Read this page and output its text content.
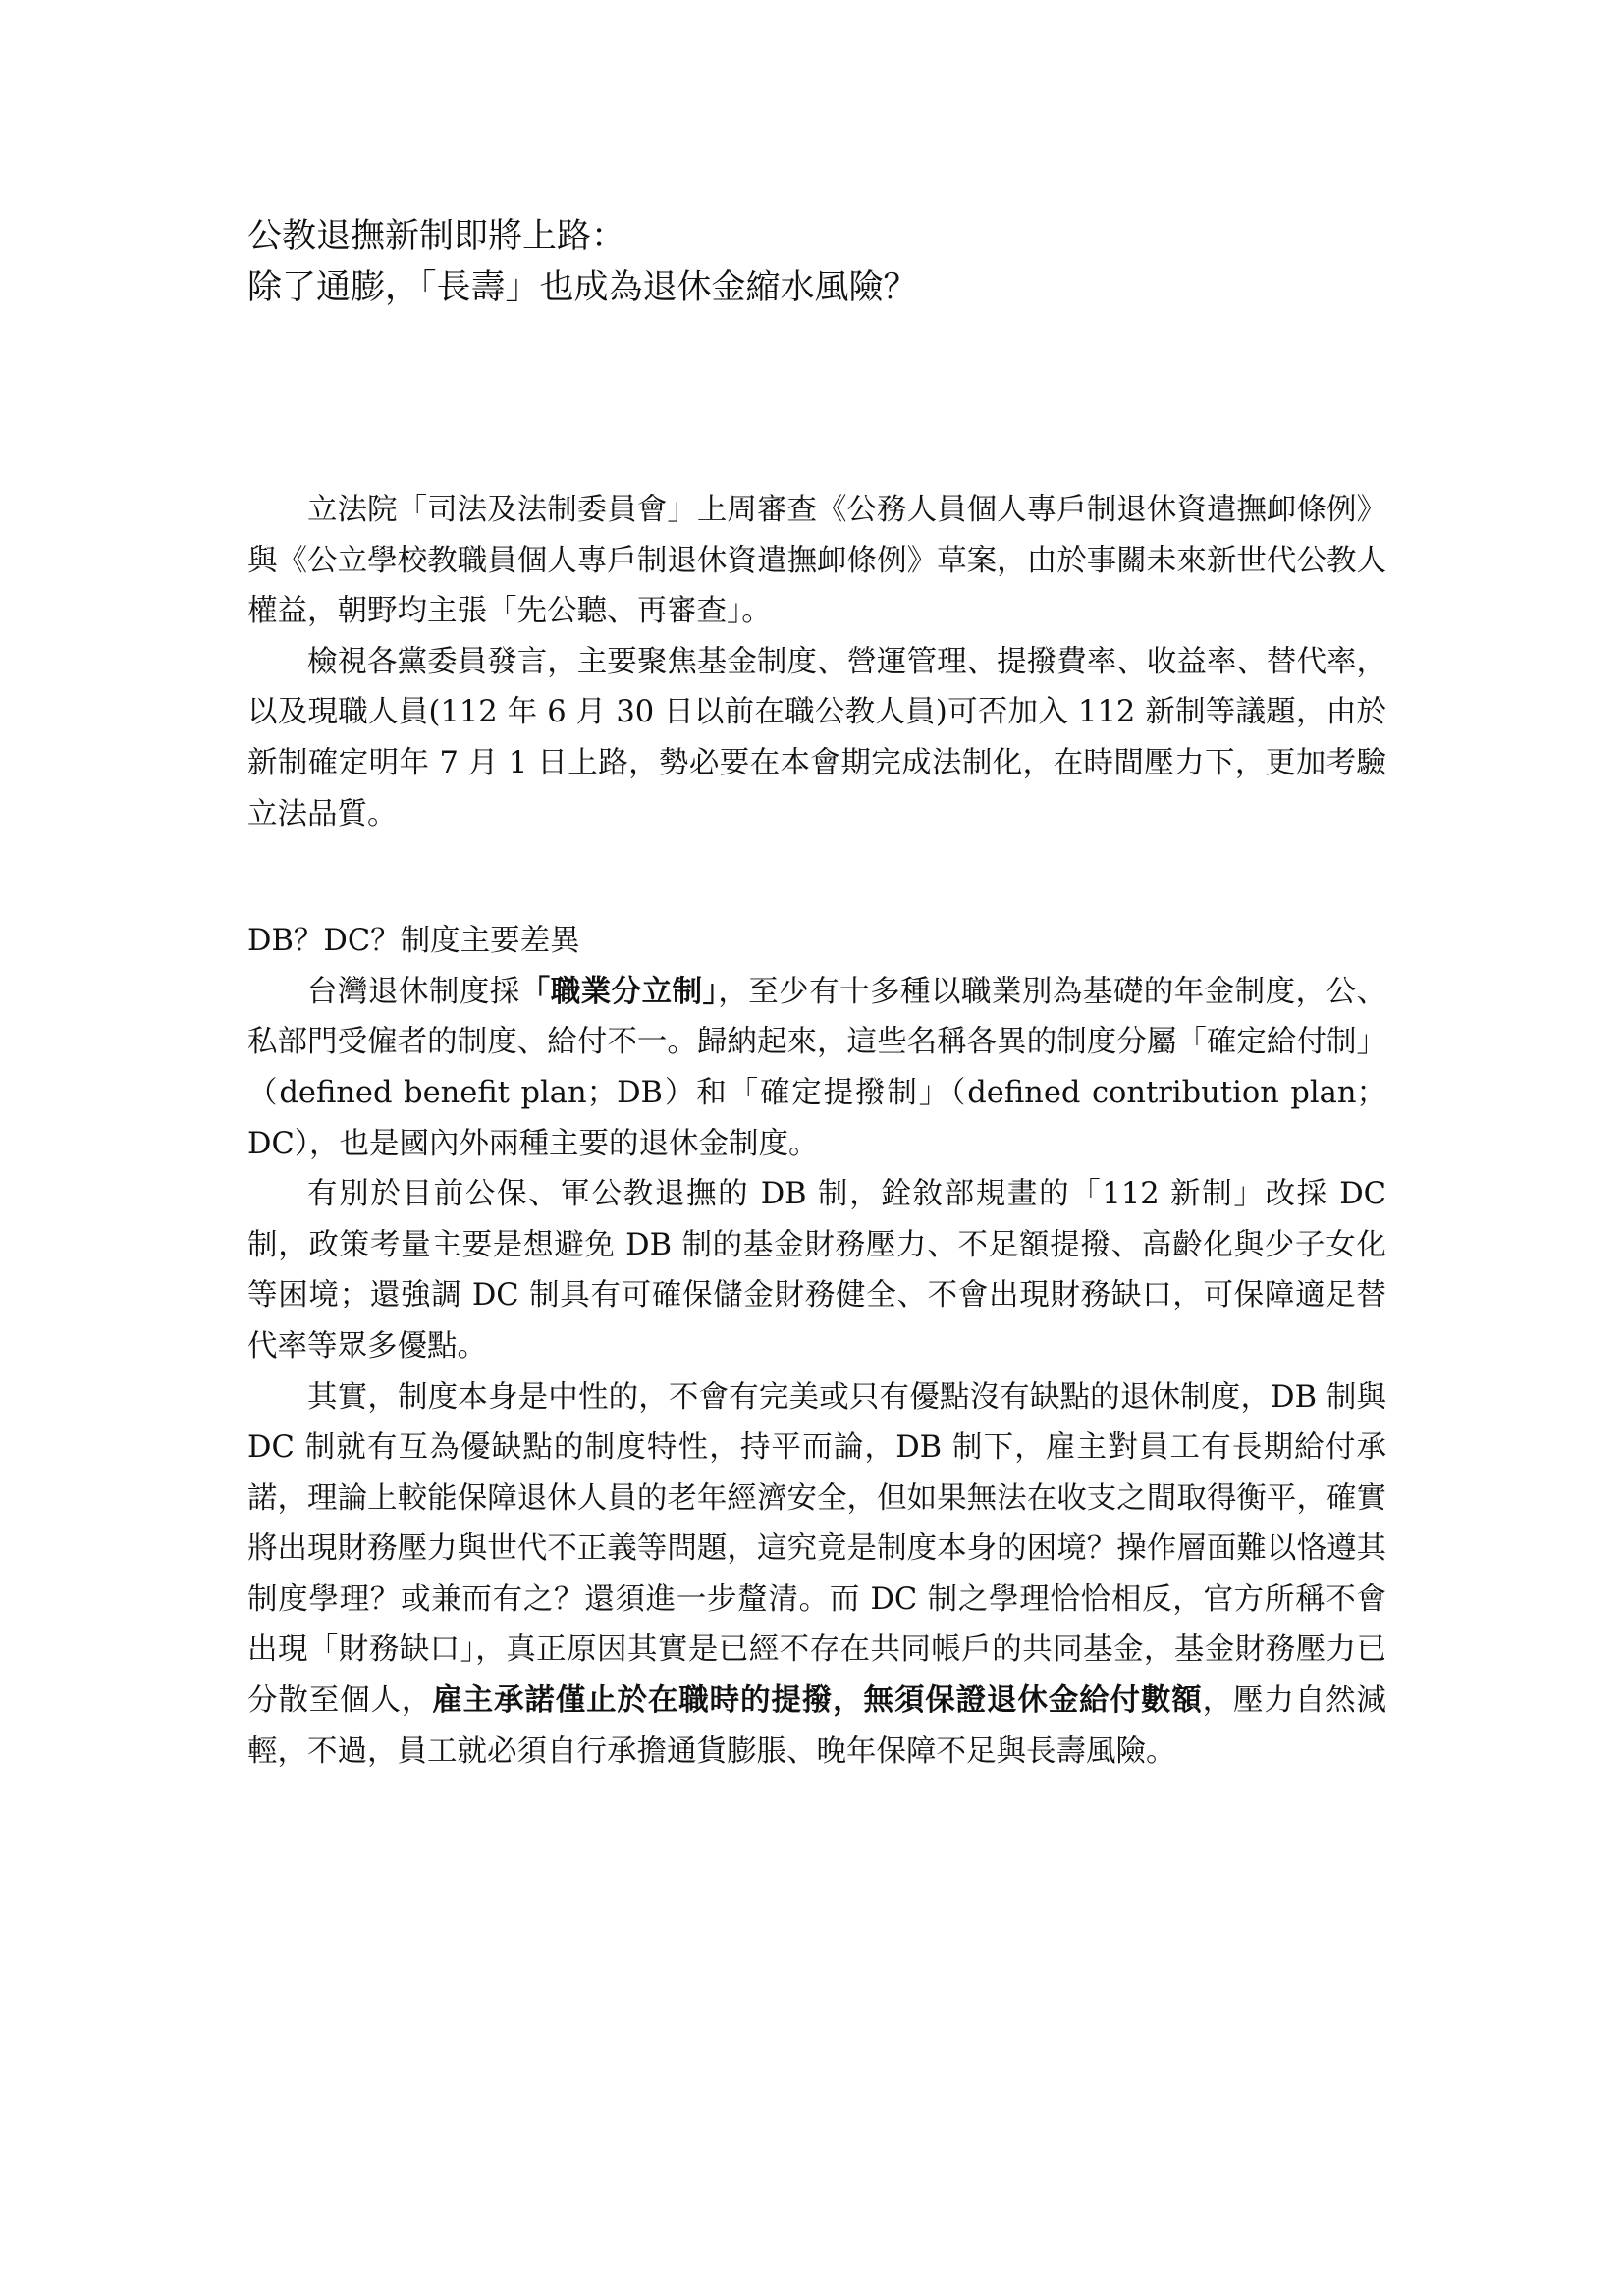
公教退撫新制即將上路：
除了通膨，「長壽」也成為退休金縮水風險？

立法院「司法及法制委員會」上周審查《公務人員個人專戶制退休資遣撫卹條例》與《公立學校教職員個人專戶制退休資遣撫卹條例》草案，由於事關未來新世代公教人權益，朝野均主張「先公聽、再審查」。

檢視各黨委員發言，主要聚焦基金制度、營運管理、提撥費率、收益率、替代率，以及現職人員(112 年 6 月 30 日以前在職公教人員)可否加入 112 新制等議題，由於新制確定明年 7 月 1 日上路，勢必要在本會期完成法制化，在時間壓力下，更加考驗立法品質。

DB？DC？制度主要差異

台灣退休制度採「職業分立制」，至少有十多種以職業別為基礎的年金制度，公、私部門受僱者的制度、給付不一。歸納起來，這些名稱各異的制度分屬「確定給付制」（defined benefit plan；DB）和「確定提撥制」（defined contribution plan；DC），也是國內外兩種主要的退休金制度。

有別於目前公保、軍公教退撫的 DB 制，銓敘部規畫的「112 新制」改採 DC 制，政策考量主要是想避免 DB 制的基金財務壓力、不足額提撥、高齡化與少子女化等困境；還強調 DC 制具有可確保儲金財務健全、不會出現財務缺口，可保障適足替代率等眾多優點。

其實，制度本身是中性的，不會有完美或只有優點沒有缺點的退休制度，DB 制與 DC 制就有互為優缺點的制度特性，持平而論，DB 制下，雇主對員工有長期給付承諾，理論上較能保障退休人員的老年經濟安全，但如果無法在收支之間取得衡平，確實將出現財務壓力與世代不正義等問題，這究竟是制度本身的困境？操作層面難以恪遵其制度學理？或兼而有之？還須進一步釐清。而 DC 制之學理恰恰相反，官方所稱不會出現「財務缺口」，真正原因其實是已經不存在共同帳戶的共同基金，基金財務壓力已分散至個人，雇主承諾僅止於在職時的提撥，無須保證退休金給付數額，壓力自然減輕，不過，員工就必須自行承擔通貨膨脹、晚年保障不足與長壽風險。
